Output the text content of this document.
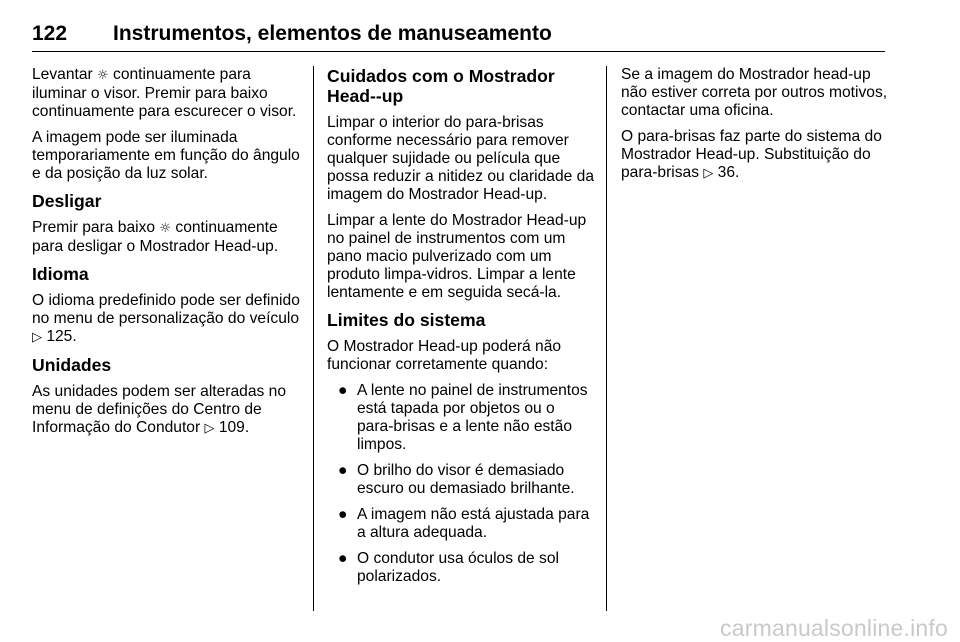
122 Instrumentos, elementos de manuseamento

Levantar ☼ continuamente para iluminar o visor. Premir para baixo continuamente para escurecer o visor.

A imagem pode ser iluminada temporariamente em função do ângulo e da posição da luz solar.

Desligar

Premir para baixo ☼ continuamente para desligar o Mostrador Head-up.

Idioma

O idioma predefinido pode ser definido no menu de personalização do veículo ▷ 125.

Unidades

As unidades podem ser alteradas no menu de definições do Centro de Informação do Condutor ▷ 109.

Cuidados com o Mostrador Head--up

Limpar o interior do para-brisas conforme necessário para remover qualquer sujidade ou película que possa reduzir a nitidez ou claridade da imagem do Mostrador Head-up.

Limpar a lente do Mostrador Head-up no painel de instrumentos com um pano macio pulverizado com um produto limpa-vidros. Limpar a lente lentamente e em seguida secá-la.

Limites do sistema

O Mostrador Head-up poderá não funcionar corretamente quando:

● A lente no painel de instrumentos está tapada por objetos ou o para-brisas e a lente não estão limpos.
● O brilho do visor é demasiado escuro ou demasiado brilhante.
● A imagem não está ajustada para a altura adequada.
● O condutor usa óculos de sol polarizados.

Se a imagem do Mostrador head-up não estiver correta por outros motivos, contactar uma oficina.

O para-brisas faz parte do sistema do Mostrador Head-up. Substituição do para-brisas ▷ 36.

carmanualsonline.info
